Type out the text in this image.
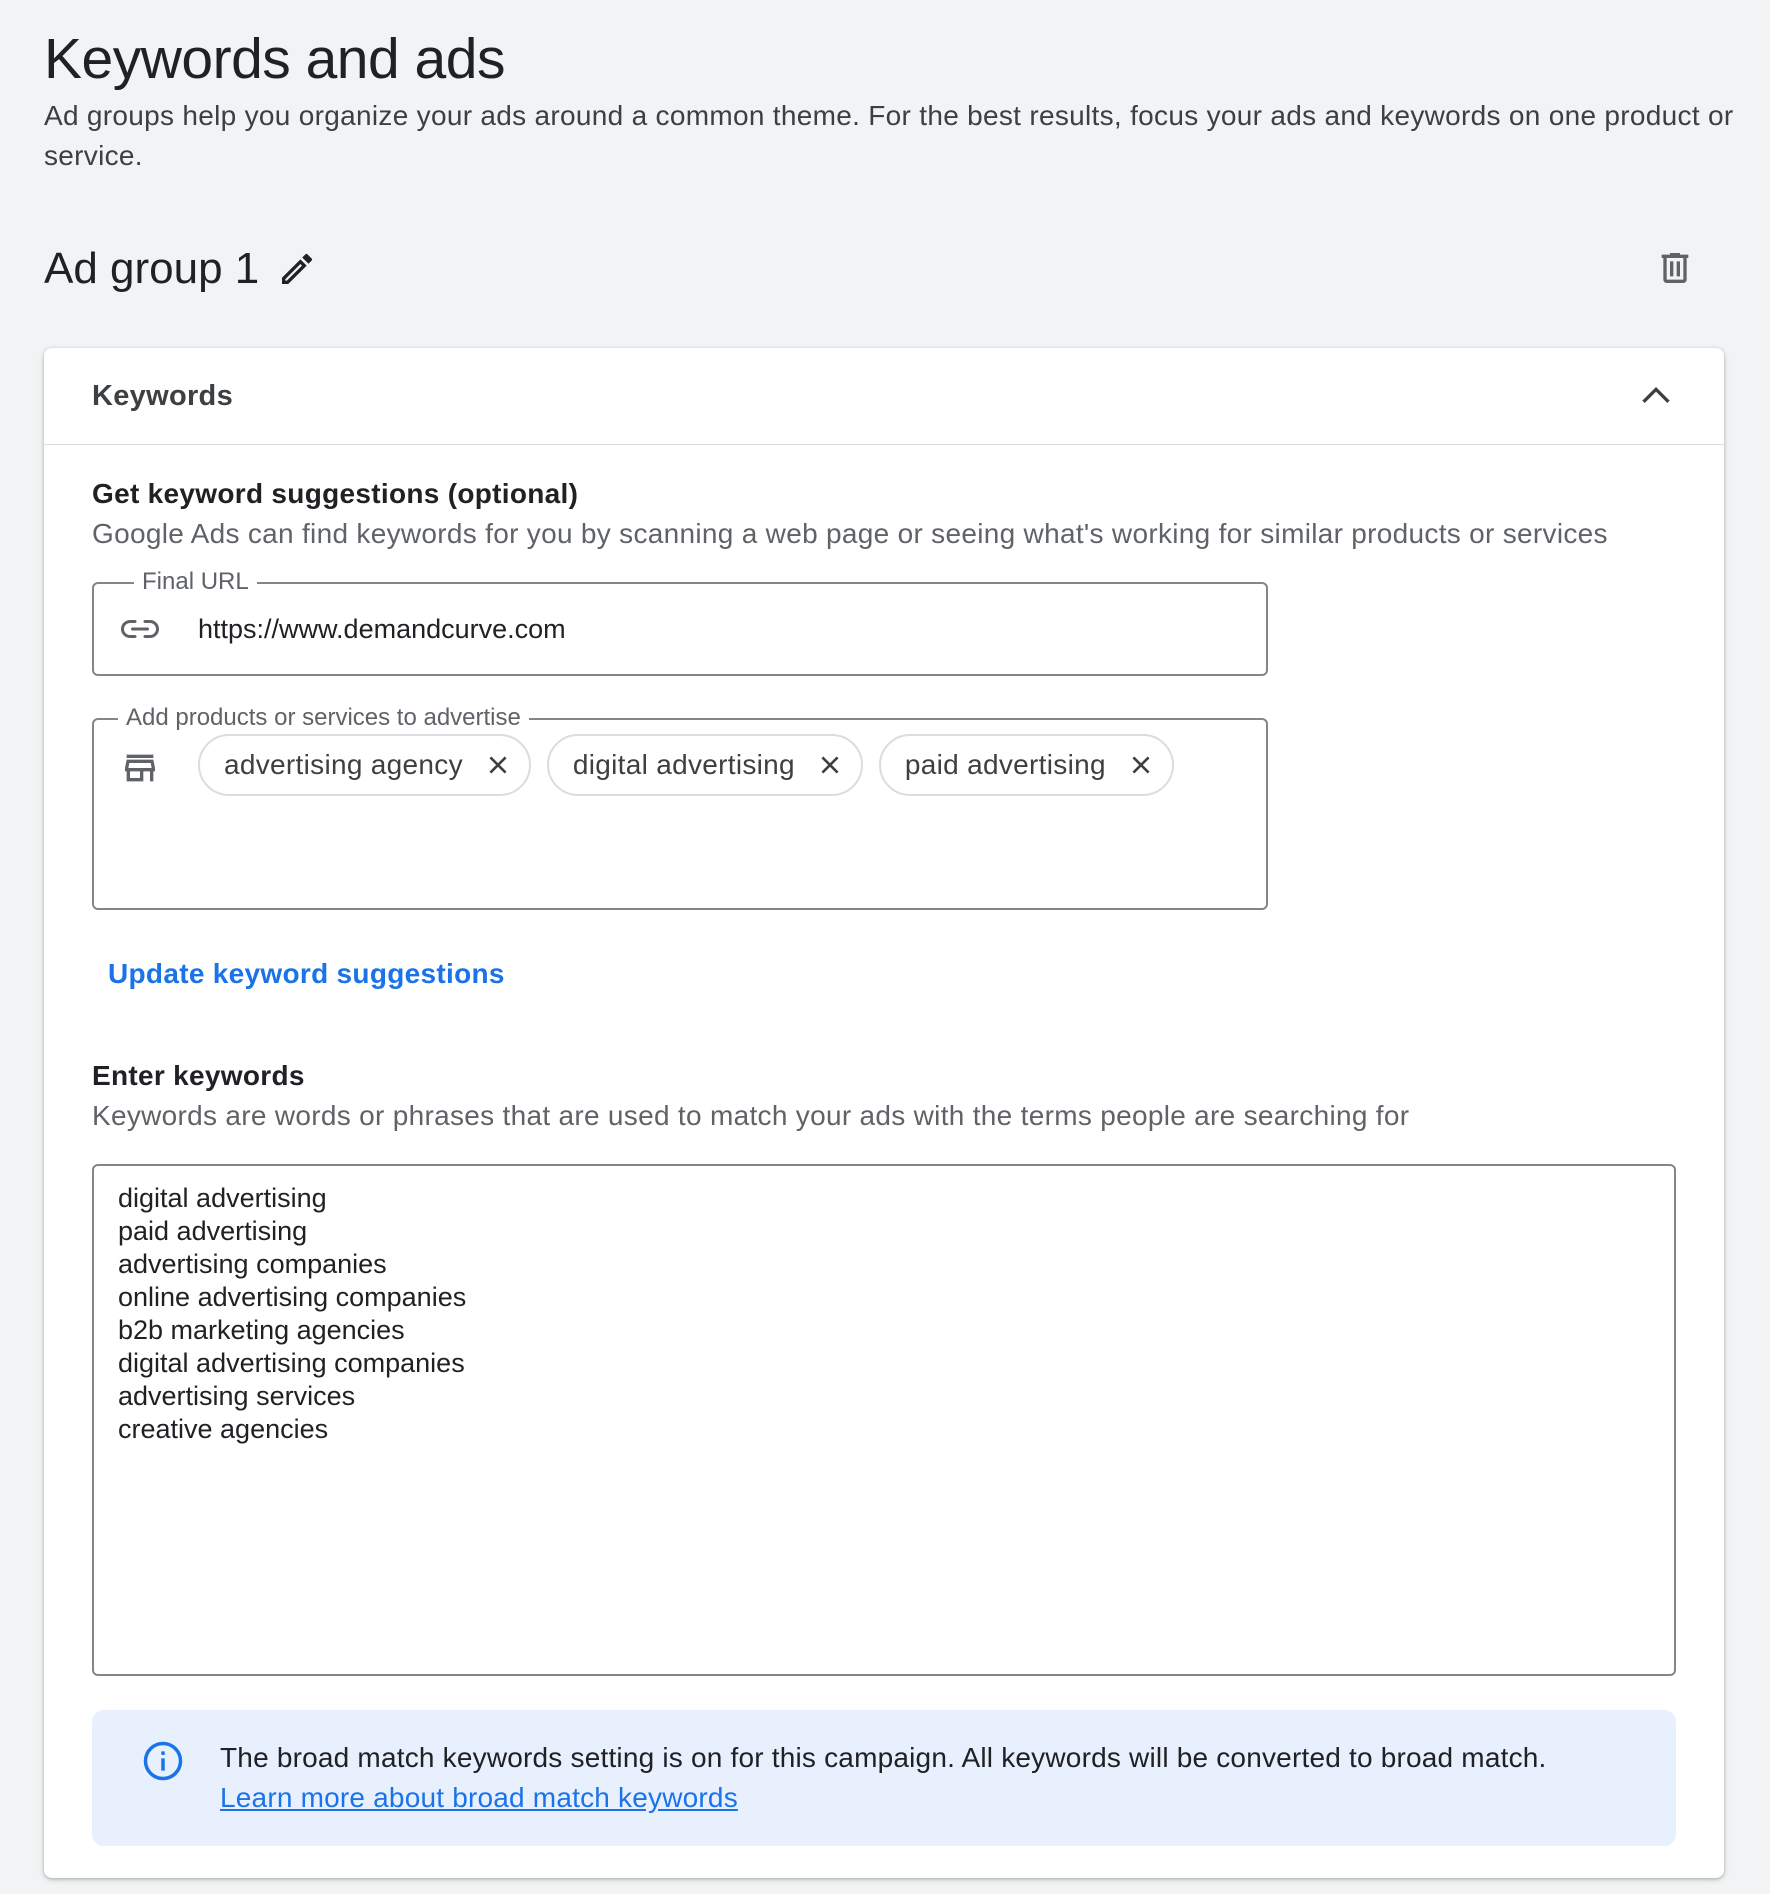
Keywords and ads

Ad groups help you organize your ads around a common theme. For the best results, focus your ads and keywords on one product or service.

Ad group 1
Keywords
Get keyword suggestions (optional)
Google Ads can find keywords for you by scanning a web page or seeing what's working for similar products or services
Final URL
https://www.demandcurve.com
Add products or services to advertise
advertising agency	digital advertising	paid advertising
Update keyword suggestions
Enter keywords
Keywords are words or phrases that are used to match your ads with the terms people are searching for
digital advertising paid advertising advertising companies online advertising companies b2b marketing agencies digital advertising companies advertising services creative agencies
The broad match keywords setting is on for this campaign. All keywords will be converted to broad match.
Learn more about broad match keywords
